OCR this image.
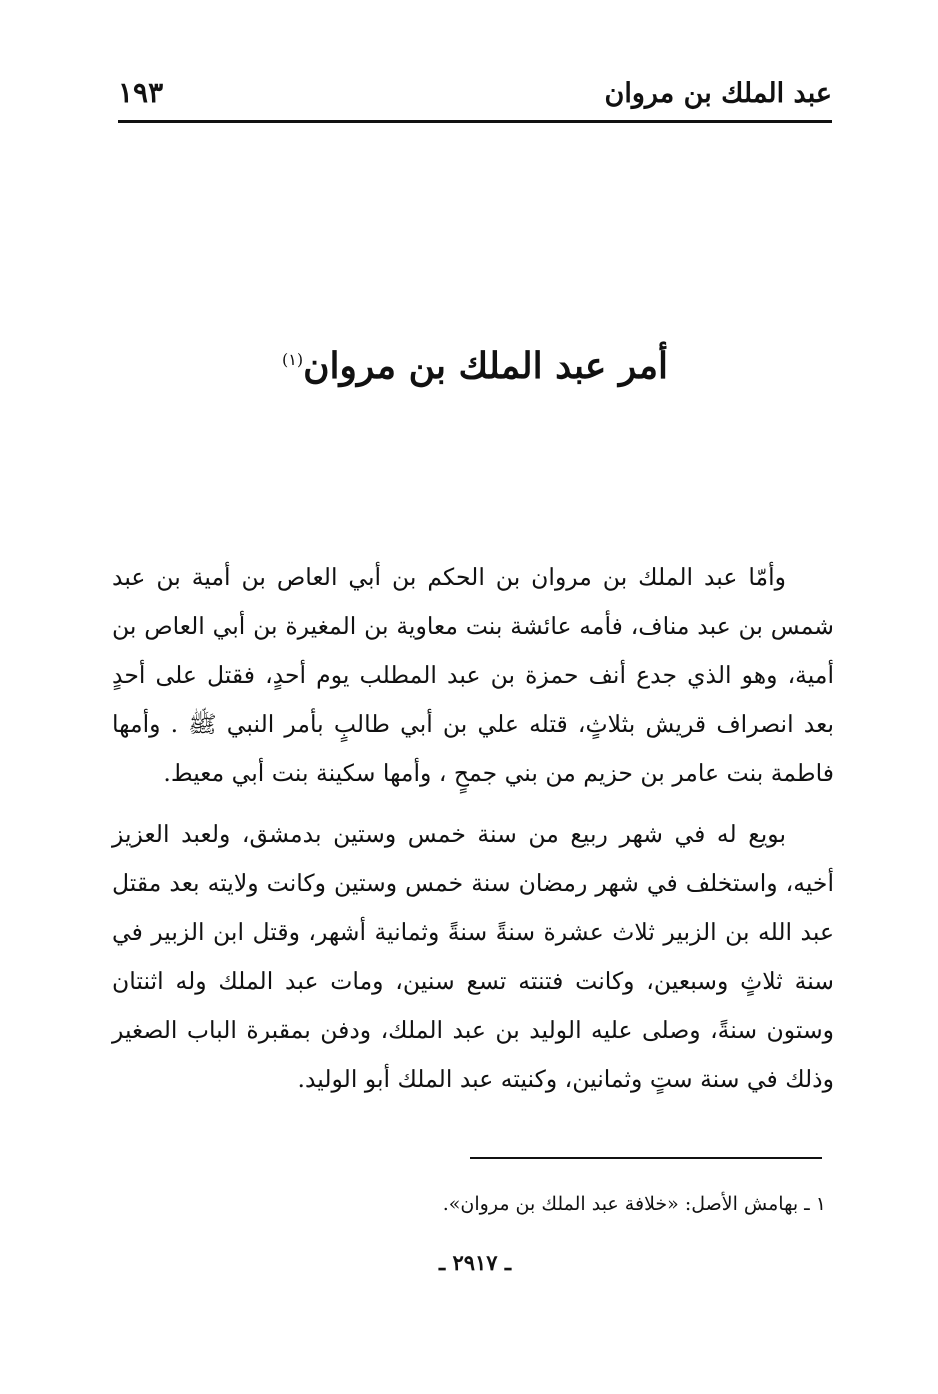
عبد الملك بن مروان
١٩٣
أمر عبد الملك بن مروان$^{(١)}$

وأمّا عبد الملك بن مروان بن الحكم بن أبي العاص بن أمية بن عبد شمس بن عبد مناف، فأمه عائشة بنت معاوية بن المغيرة بن أبي العاص بن أمية، وهو الذي جدع أنف حمزة بن عبد المطلب يوم أحدٍ، فقتل على أحدٍ بعد انصراف قريش بثلاثٍ، قتله علي بن أبي طالبٍ بأمر النبي ﷺ . وأمها فاطمة بنت عامر بن حزيم من بني جمحٍ ، وأمها سكينة بنت أبي معيط.

بويع له في شهر ربيع من سنة خمس وستين بدمشق، ولعبد العزيز أخيه، واستخلف في شهر رمضان سنة خمس وستين وكانت ولايته بعد مقتل عبد الله بن الزبير ثلاث عشرة سنةً سنةً وثمانية أشهر، وقتل ابن الزبير في سنة ثلاثٍ وسبعين، وكانت فتنته تسع سنين، ومات عبد الملك وله اثنتان وستون سنةً، وصلى عليه الوليد بن عبد الملك، ودفن بمقبرة الباب الصغير وذلك في سنة ستٍ وثمانين، وكنيته عبد الملك أبو الوليد.

١ ـ بهامش الأصل: «خلافة عبد الملك بن مروان».
ـ ٢٩١٧ ـ
